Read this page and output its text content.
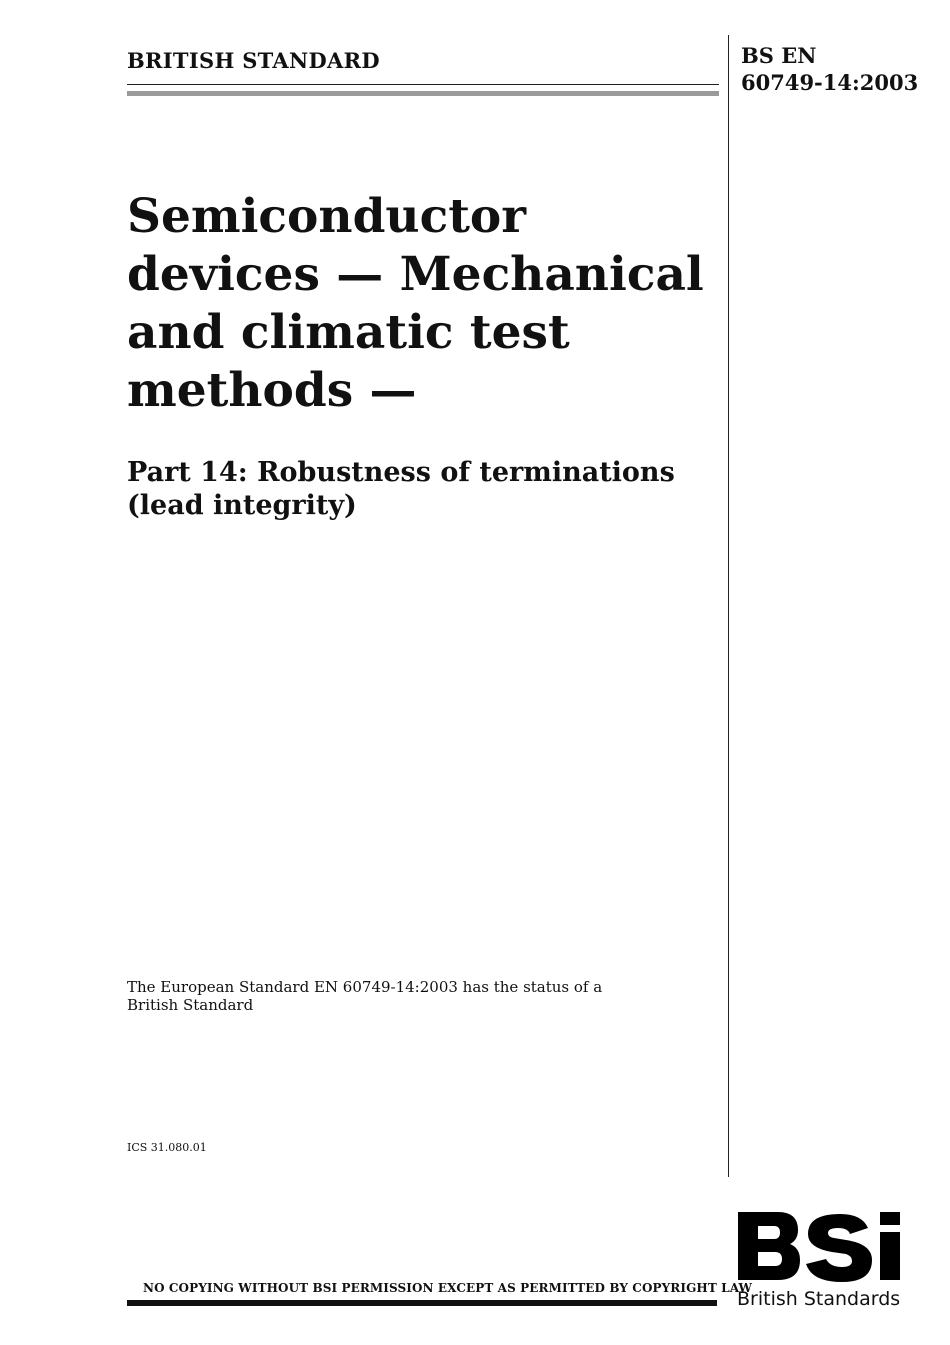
BRITISH STANDARD	BS EN
60749-14:2003
Semiconductor
devices — Mechanical
and climatic test
methods —
Part 14: Robustness of terminations
(lead integrity)
The European Standard EN 60749-14:2003 has the status of a
British Standard
ICS 31.080.01
British Standards
NO COPYING WITHOUT BSI PERMISSION EXCEPT AS PERMITTED BY COPYRIGHT LAW
